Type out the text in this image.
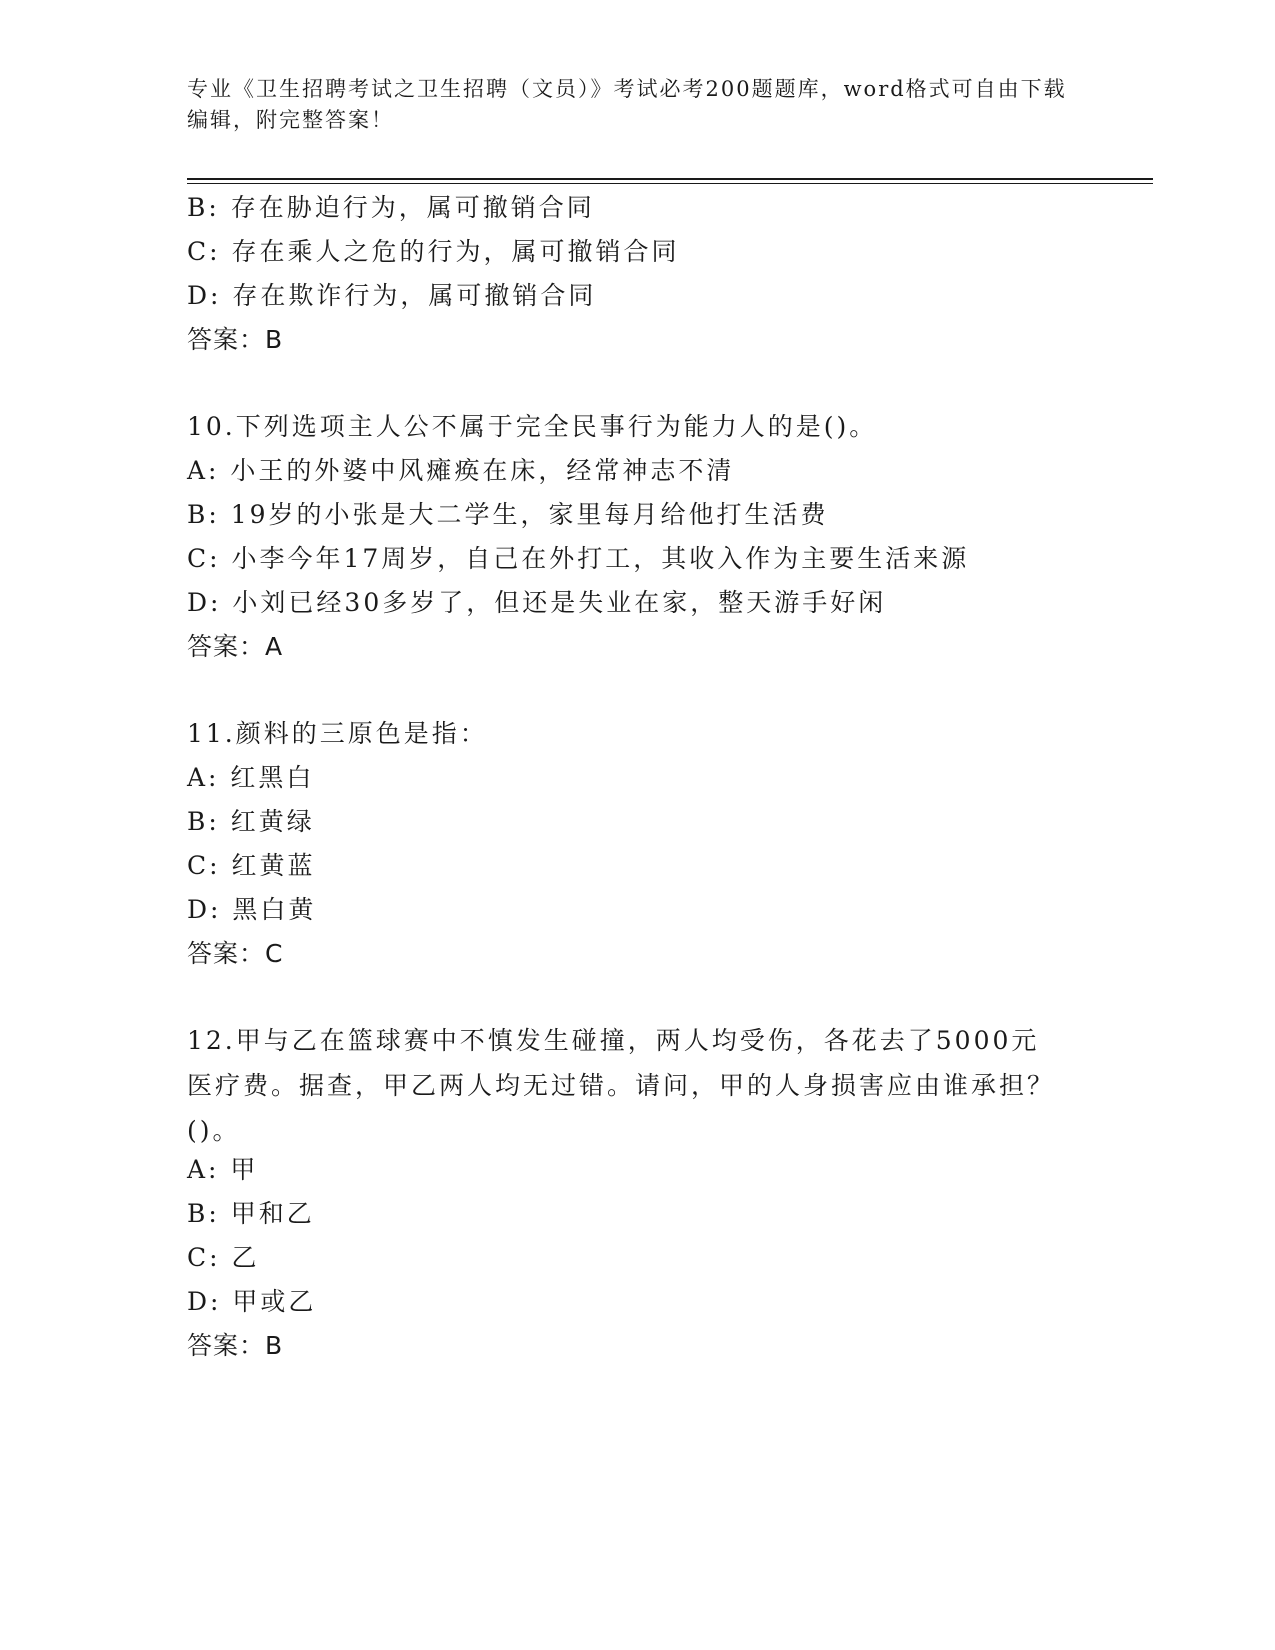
专业《卫生招聘考试之卫生招聘（文员）》考试必考200题题库，word格式可自由下载编辑，附完整答案！
B: 存在胁迫行为，属可撤销合同
C: 存在乘人之危的行为，属可撤销合同
D: 存在欺诈行为，属可撤销合同
答案：B
10.下列选项主人公不属于完全民事行为能力人的是()。
A: 小王的外婆中风瘫痪在床，经常神志不清
B: 19岁的小张是大二学生，家里每月给他打生活费
C: 小李今年17周岁，自己在外打工，其收入作为主要生活来源
D: 小刘已经30多岁了，但还是失业在家，整天游手好闲
答案：A
11.颜料的三原色是指：
A: 红黑白
B: 红黄绿
C: 红黄蓝
D: 黑白黄
答案：C
12.甲与乙在篮球赛中不慎发生碰撞，两人均受伤，各花去了5000元医疗费。据查，甲乙两人均无过错。请问，甲的人身损害应由谁承担？()。
A: 甲
B: 甲和乙
C: 乙
D: 甲或乙
答案：B
